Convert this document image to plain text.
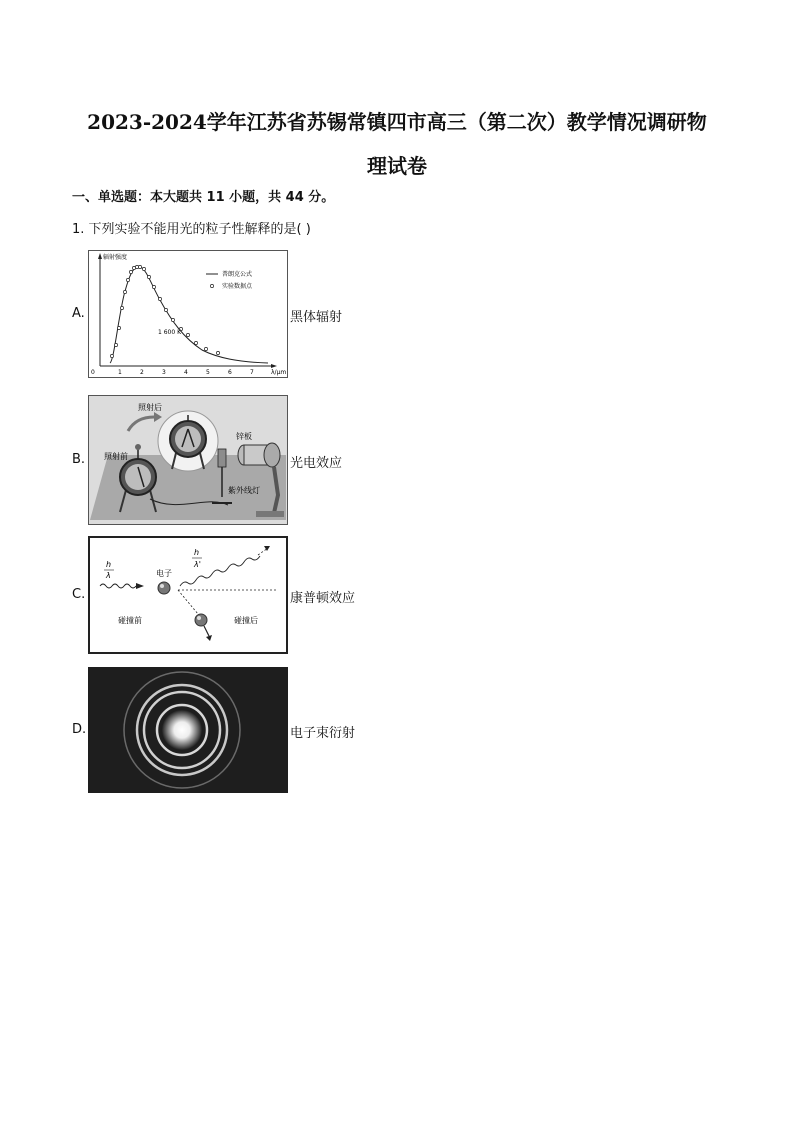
2023-2024学年江苏省苏锡常镇四市高三（第二次）教学情况调研物
理试卷
一、单选题：本大题共 11 小题，共 44 分。
1. 下列实验不能用光的粒子性解释的是( )
A.	黑体辐射
辐射强度
λ/μm
0	1	2	3	4	5	6	7
普朗克公式
实验数据点
1 600 K
B.	光电效应
照射后
照射前
锌板
紫外线灯
C.	康普顿效应
h
λ	电子
h
λ'
碰撞前	碰撞后
D.	电子束衍射
